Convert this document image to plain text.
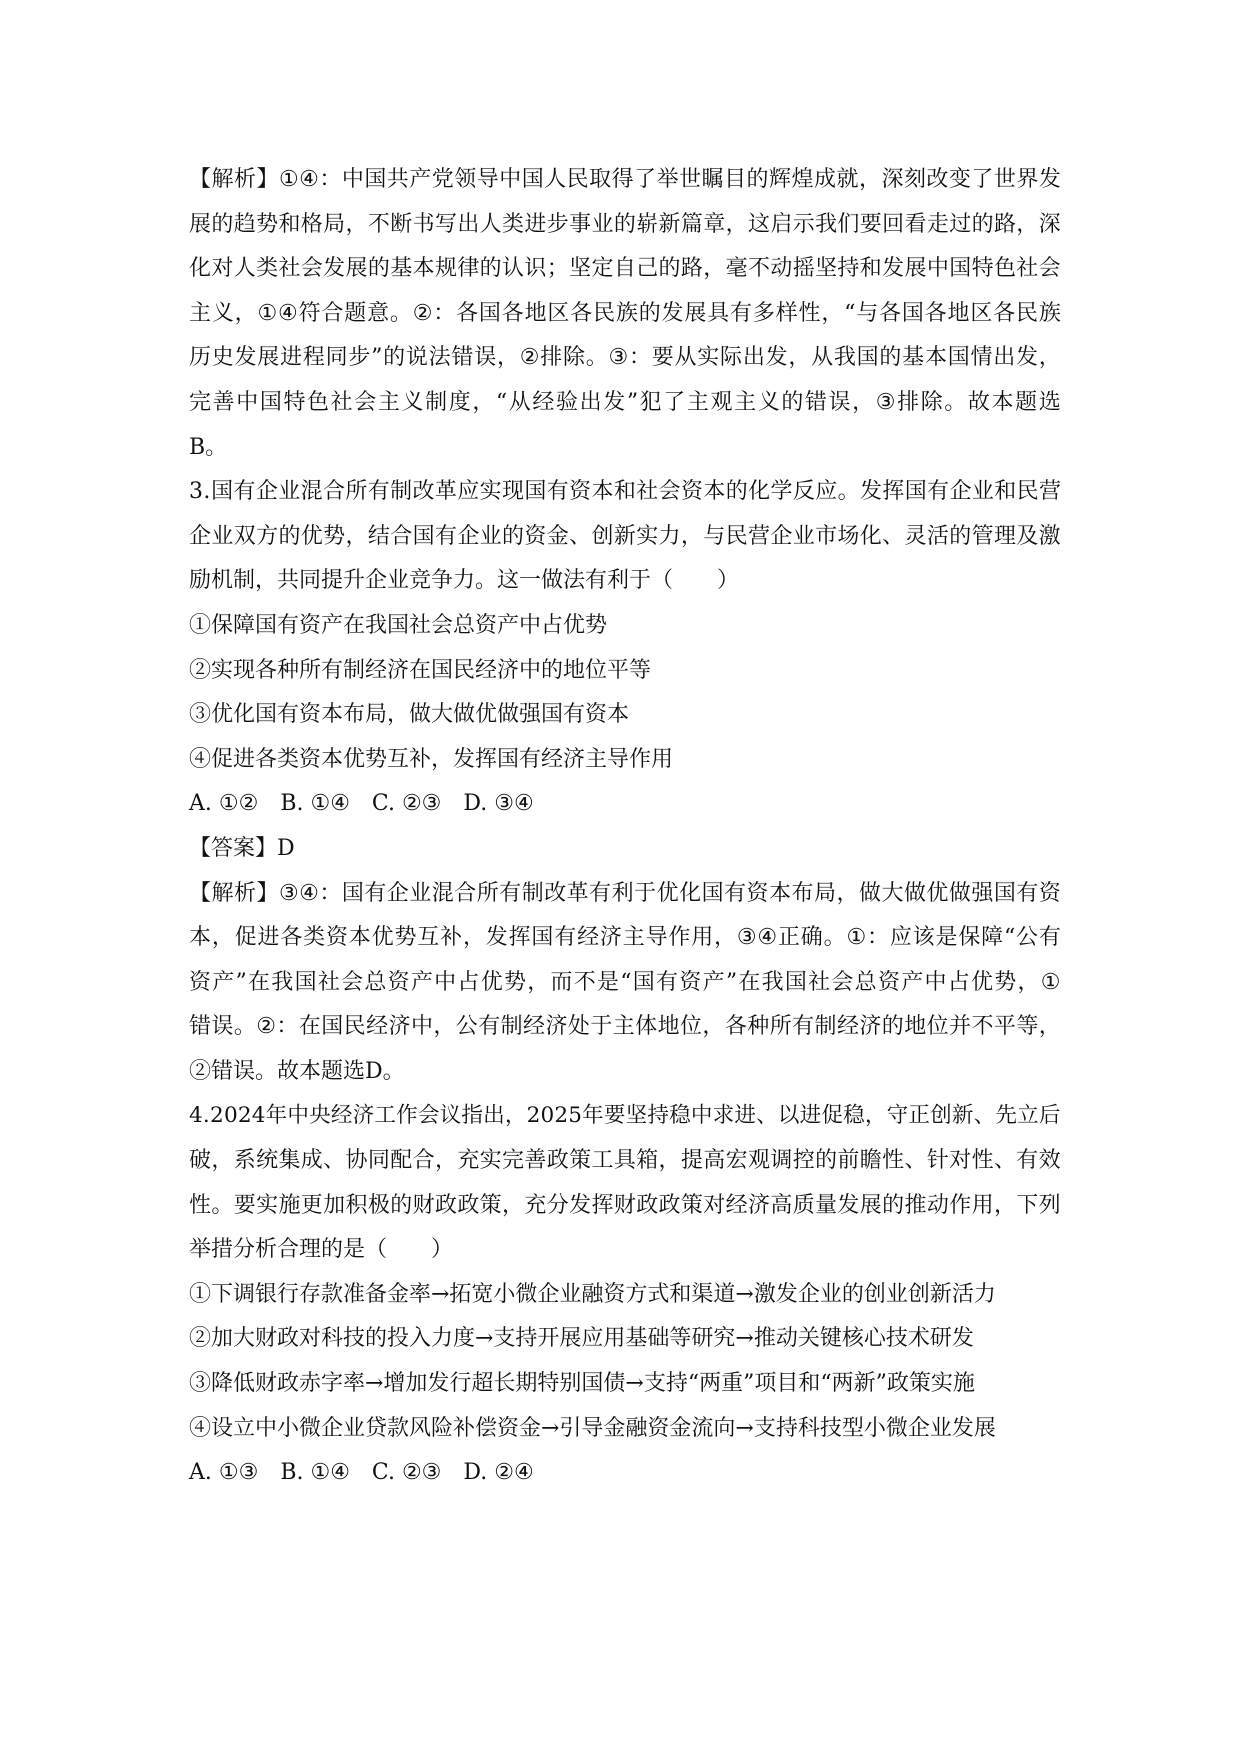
【 解 析 】 ① ④ ： 中 国 共 产 党 领 导 中 国 人 民 取 得 了 举 世 瞩 目 的 辉 煌 成 就 ， 深 刻 改 变 了 世 界 发

展 的 趋 势 和 格 局 ， 不 断 书 写 出 人 类 进 步 事 业 的 崭 新 篇 章 ， 这 启 示 我 们 要 回 看 走 过 的 路 ， 深

化 对 人 类 社 会 发 展 的 基 本 规 律 的 认 识 ； 坚 定 自 己 的 路 ， 毫 不 动 摇 坚 持 和 发 展 中 国 特 色 社 会

主 义 ， ① ④ 符 合 题 意 。 ② ： 各 国 各 地 区 各 民 族 的 发 展 具 有 多 样 性 ， “ 与 各 国 各 地 区 各 民 族

历 史 发 展 进 程 同 步 ” 的 说 法 错 误 ， ② 排 除 。 ③ ： 要 从 实 际 出 发 ， 从 我 国 的 基 本 国 情 出 发 ，

完 善 中 国 特 色 社 会 主 义 制 度 ， “ 从 经 验 出 发 ” 犯 了 主 观 主 义 的 错 误 ， ③ 排 除 。 故 本 题 选

B。

3 . 国 有 企 业 混 合 所 有 制 改 革 应 实 现 国 有 资 本 和 社 会 资 本 的 化 学 反 应 。 发 挥 国 有 企 业 和 民 营

企 业 双 方 的 优 势 ， 结 合 国 有 企 业 的 资 金 、 创 新 实 力 ， 与 民 营 企 业 市 场 化 、 灵 活 的 管 理 及 激

励机制，共同提升企业竞争力。这一做法有利于（　　）

①保障国有资产在我国社会总资产中占优势

②实现各种所有制经济在国民经济中的地位平等

③优化国有资本布局，做大做优做强国有资本

④促进各类资本优势互补，发挥国有经济主导作用

A. ①②　B. ①④　C. ②③　D. ③④

【答案】D

【 解 析 】 ③ ④ ： 国 有 企 业 混 合 所 有 制 改 革 有 利 于 优 化 国 有 资 本 布 局 ， 做 大 做 优 做 强 国 有 资

本 ， 促 进 各 类 资 本 优 势 互 补 ， 发 挥 国 有 经 济 主 导 作 用 ， ③ ④ 正 确 。 ① ： 应 该 是 保 障 “ 公 有

资 产 ” 在 我 国 社 会 总 资 产 中 占 优 势 ， 而 不 是 “ 国 有 资 产 ” 在 我 国 社 会 总 资 产 中 占 优 势 ， ①

错 误 。 ② ： 在 国 民 经 济 中 ， 公 有 制 经 济 处 于 主 体 地 位 ， 各 种 所 有 制 经 济 的 地 位 并 不 平 等 ，

②错误。故本题选D。

4 . 2 0 2 4 年 中 央 经 济 工 作 会 议 指 出 ， 2 0 2 5 年 要 坚 持 稳 中 求 进 、 以 进 促 稳 ， 守 正 创 新 、 先 立 后

破 ， 系 统 集 成 、 协 同 配 合 ， 充 实 完 善 政 策 工 具 箱 ， 提 高 宏 观 调 控 的 前 瞻 性 、 针 对 性 、 有 效

性 。 要 实 施 更 加 积 极 的 财 政 政 策 ， 充 分 发 挥 财 政 政 策 对 经 济 高 质 量 发 展 的 推 动 作 用 ， 下 列

举措分析合理的是（　　）

①下调银行存款准备金率→拓宽小微企业融资方式和渠道→激发企业的创业创新活力

②加大财政对科技的投入力度→支持开展应用基础等研究→推动关键核心技术研发

③降低财政赤字率→增加发行超长期特别国债→支持“两重”项目和“两新”政策实施

④设立中小微企业贷款风险补偿资金→引导金融资金流向→支持科技型小微企业发展

A. ①③　B. ①④　C. ②③　D. ②④
